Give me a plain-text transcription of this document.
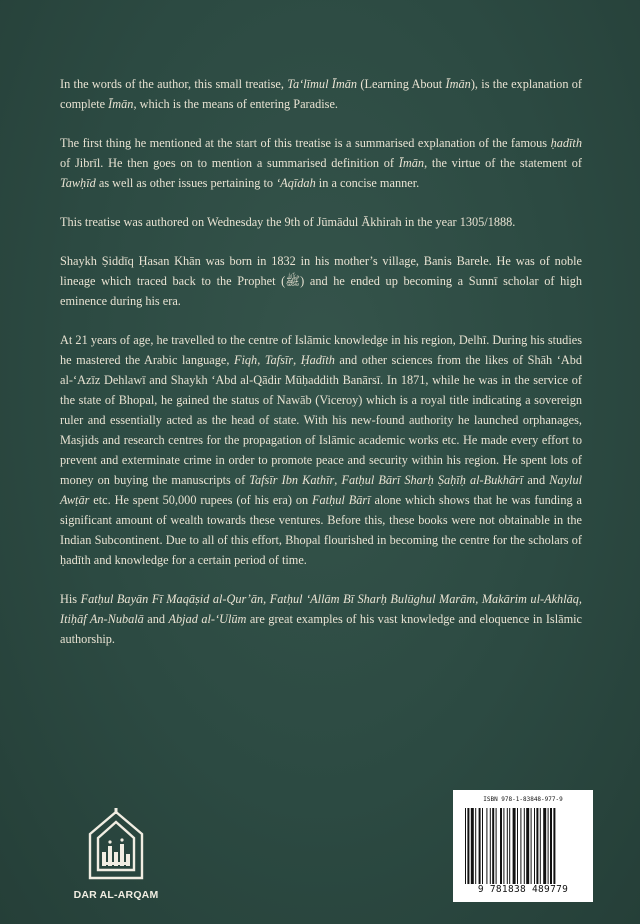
In the words of the author, this small treatise, Ta‘līmul Īmān (Learning About Īmān), is the explanation of complete Īmān, which is the means of entering Paradise.

The first thing he mentioned at the start of this treatise is a summarised explanation of the famous ḥadīth of Jibrīl. He then goes on to mention a summarised definition of Īmān, the virtue of the statement of Tawḥīd as well as other issues pertaining to ‘Aqīdah in a concise manner.

This treatise was authored on Wednesday the 9th of Jūmādul Ākhirah in the year 1305/1888.

Shaykh Ṣiddīq Ḥasan Khān was born in 1832 in his mother’s village, Banis Barele. He was of noble lineage which traced back to the Prophet (ﷺ) and he ended up becoming a Sunnī scholar of high eminence during his era.

At 21 years of age, he travelled to the centre of Islāmic knowledge in his region, Delhī. During his studies he mastered the Arabic language, Fiqh, Tafsīr, Ḥadīth and other sciences from the likes of Shāh ‘Abd al-‘Azīz Dehlawī and Shaykh ‘Abd al-Qādir Mūḥaddith Banārsī. In 1871, while he was in the service of the state of Bhopal, he gained the status of Nawāb (Viceroy) which is a royal title indicating a sovereign ruler and essentially acted as the head of state. With his new-found authority he launched orphanages, Masjids and research centres for the propagation of Islāmic academic works etc. He made every effort to prevent and exterminate crime in order to promote peace and security within his region. He spent lots of money on buying the manuscripts of Tafsīr Ibn Kathīr, Fatḥul Bārī Sharḥ Ṣaḥīḥ al-Bukhārī and Naylul Awṭār etc. He spent 50,000 rupees (of his era) on Fatḥul Bārī alone which shows that he was funding a significant amount of wealth towards these ventures. Before this, these books were not obtainable in the Indian Subcontinent. Due to all of this effort, Bhopal flourished in becoming the centre for the scholars of ḥadīth and knowledge for a certain period of time.

His Fatḥul Bayān Fī Maqāṣid al-Qur’ān, Fatḥul ‘Allām Bī Sharḥ Bulūghul Marām, Makārim ul-Akhlāq, Itiḥāf An-Nubalā and Abjad al-‘Ulūm are great examples of his vast knowledge and eloquence in Islāmic authorship.

DAR AL-ARQAM
ISBN 978-1-83848-977-9
9 781838 489779
